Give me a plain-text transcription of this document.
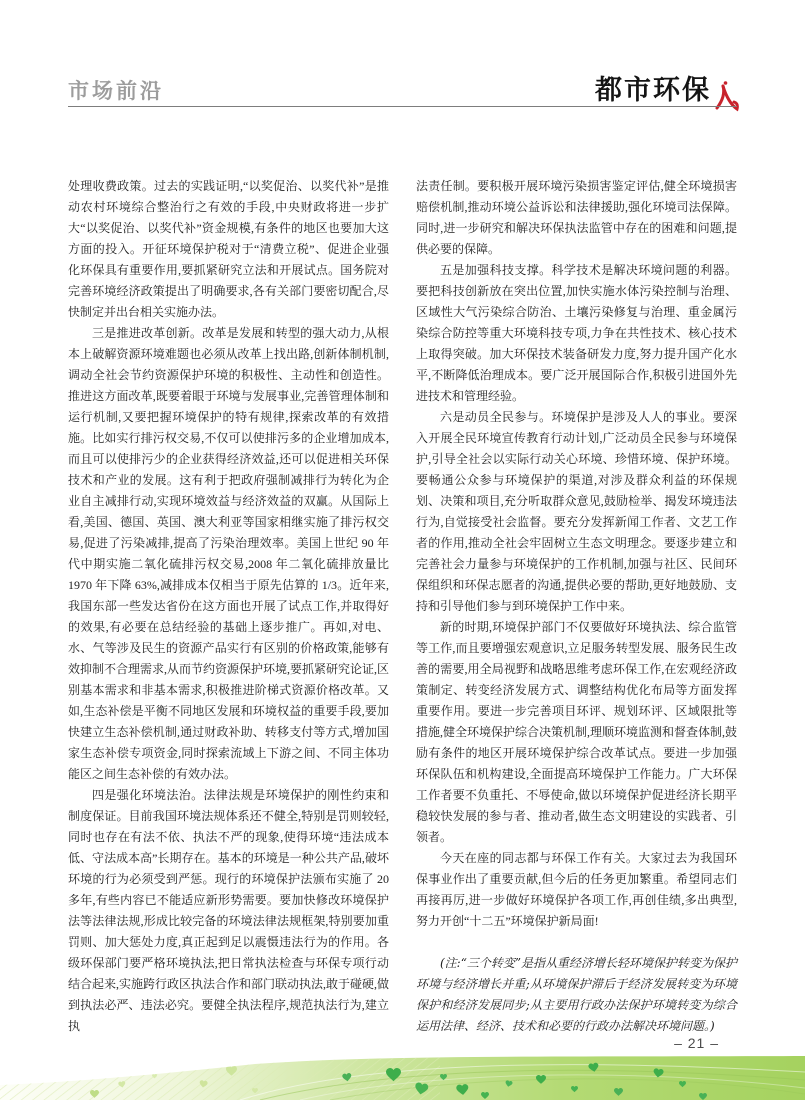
市场前沿	都市环保

处理收费政策。过去的实践证明,“以奖促治、以奖代补”是推动农村环境综合整治行之有效的手段,中央财政将进一步扩大“以奖促治、以奖代补”资金规模,有条件的地区也要加大这方面的投入。开征环境保护税对于“清费立税”、促进企业强化环保具有重要作用,要抓紧研究立法和开展试点。国务院对完善环境经济政策提出了明确要求,各有关部门要密切配合,尽快制定并出台相关实施办法。

三是推进改革创新。改革是发展和转型的强大动力,从根本上破解资源环境难题也必须从改革上找出路,创新体制机制,调动全社会节约资源保护环境的积极性、主动性和创造性。推进这方面改革,既要着眼于环境与发展事业,完善管理体制和运行机制,又要把握环境保护的特有规律,探索改革的有效措施。比如实行排污权交易,不仅可以使排污多的企业增加成本,而且可以使排污少的企业获得经济效益,还可以促进相关环保技术和产业的发展。这有利于把政府强制减排行为转化为企业自主减排行动,实现环境效益与经济效益的双赢。从国际上看,美国、德国、英国、澳大利亚等国家相继实施了排污权交易,促进了污染减排,提高了污染治理效率。美国上世纪 90 年代中期实施二氧化硫排污权交易,2008 年二氧化硫排放量比 1970 年下降 63%,减排成本仅相当于原先估算的 1/3。近年来,我国东部一些发达省份在这方面也开展了试点工作,并取得好的效果,有必要在总结经验的基础上逐步推广。再如,对电、水、气等涉及民生的资源产品实行有区别的价格政策,能够有效抑制不合理需求,从而节约资源保护环境,要抓紧研究论证,区别基本需求和非基本需求,积极推进阶梯式资源价格改革。又如,生态补偿是平衡不同地区发展和环境权益的重要手段,要加快建立生态补偿机制,通过财政补助、转移支付等方式,增加国家生态补偿专项资金,同时探索流域上下游之间、不同主体功能区之间生态补偿的有效办法。

四是强化环境法治。法律法规是环境保护的刚性约束和制度保证。目前我国环境法规体系还不健全,特别是罚则较轻,同时也存在有法不依、执法不严的现象,使得环境“违法成本低、守法成本高”长期存在。基本的环境是一种公共产品,破坏环境的行为必须受到严惩。现行的环境保护法颁布实施了 20 多年,有些内容已不能适应新形势需要。要加快修改环境保护法等法律法规,形成比较完备的环境法律法规框架,特别要加重罚则、加大惩处力度,真正起到足以震慑违法行为的作用。各级环保部门要严格环境执法,把日常执法检查与环保专项行动结合起来,实施跨行政区执法合作和部门联动执法,敢于碰硬,做到执法必严、违法必究。要健全执法程序,规范执法行为,建立执

法责任制。要积极开展环境污染损害鉴定评估,健全环境损害赔偿机制,推动环境公益诉讼和法律援助,强化环境司法保障。同时,进一步研究和解决环保执法监管中存在的困难和问题,提供必要的保障。

五是加强科技支撑。科学技术是解决环境问题的利器。要把科技创新放在突出位置,加快实施水体污染控制与治理、区域性大气污染综合防治、土壤污染修复与治理、重金属污染综合防控等重大环境科技专项,力争在共性技术、核心技术上取得突破。加大环保技术装备研发力度,努力提升国产化水平,不断降低治理成本。要广泛开展国际合作,积极引进国外先进技术和管理经验。

六是动员全民参与。环境保护是涉及人人的事业。要深入开展全民环境宣传教育行动计划,广泛动员全民参与环境保护,引导全社会以实际行动关心环境、珍惜环境、保护环境。要畅通公众参与环境保护的渠道,对涉及群众利益的环保规划、决策和项目,充分听取群众意见,鼓励检举、揭发环境违法行为,自觉接受社会监督。要充分发挥新闻工作者、文艺工作者的作用,推动全社会牢固树立生态文明理念。要逐步建立和完善社会力量参与环境保护的工作机制,加强与社区、民间环保组织和环保志愿者的沟通,提供必要的帮助,更好地鼓励、支持和引导他们参与到环境保护工作中来。

新的时期,环境保护部门不仅要做好环境执法、综合监管等工作,而且要增强宏观意识,立足服务转型发展、服务民生改善的需要,用全局视野和战略思维考虑环保工作,在宏观经济政策制定、转变经济发展方式、调整结构优化布局等方面发挥重要作用。要进一步完善项目环评、规划环评、区域限批等措施,健全环境保护综合决策机制,理顺环境监测和督查体制,鼓励有条件的地区开展环境保护综合改革试点。要进一步加强环保队伍和机构建设,全面提高环境保护工作能力。广大环保工作者要不负重托、不辱使命,做以环境保护促进经济长期平稳较快发展的参与者、推动者,做生态文明建设的实践者、引领者。

今天在座的同志都与环保工作有关。大家过去为我国环保事业作出了重要贡献,但今后的任务更加繁重。希望同志们再接再厉,进一步做好环境保护各项工作,再创佳绩,多出典型,努力开创“十二五”环境保护新局面!

(注:“三个转变”是指从重经济增长轻环境保护转变为保护环境与经济增长并重;从环境保护滞后于经济发展转变为环境保护和经济发展同步;从主要用行政办法保护环境转变为综合运用法律、经济、技术和必要的行政办法解决环境问题。)

– 21 –
